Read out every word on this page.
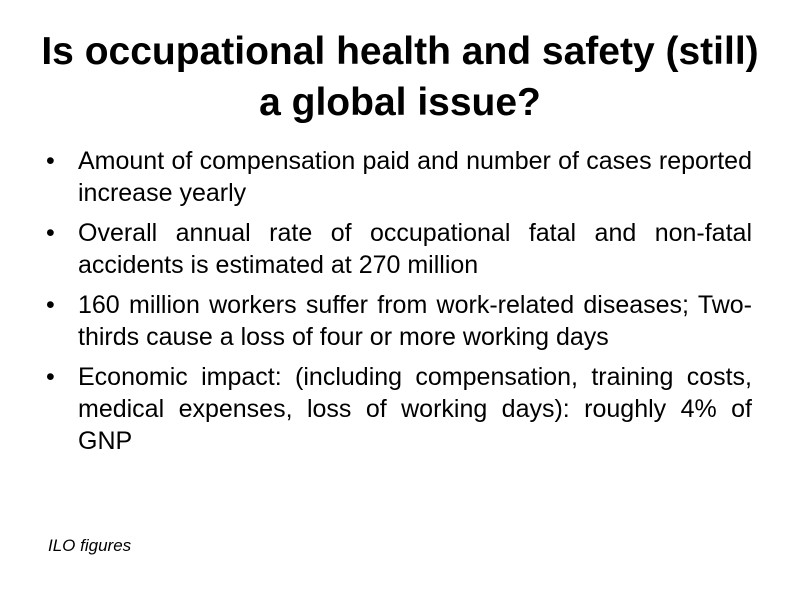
Is occupational health and safety (still) a global issue?
• Amount of compensation paid and number of cases reported increase yearly
• Overall annual rate of occupational fatal and non-fatal accidents is estimated at 270 million
• 160 million workers suffer from work-related diseases; Two-thirds cause a loss of four or more working days
• Economic impact: (including compensation, training costs, medical expenses, loss of working days): roughly 4% of GNP

ILO figures
